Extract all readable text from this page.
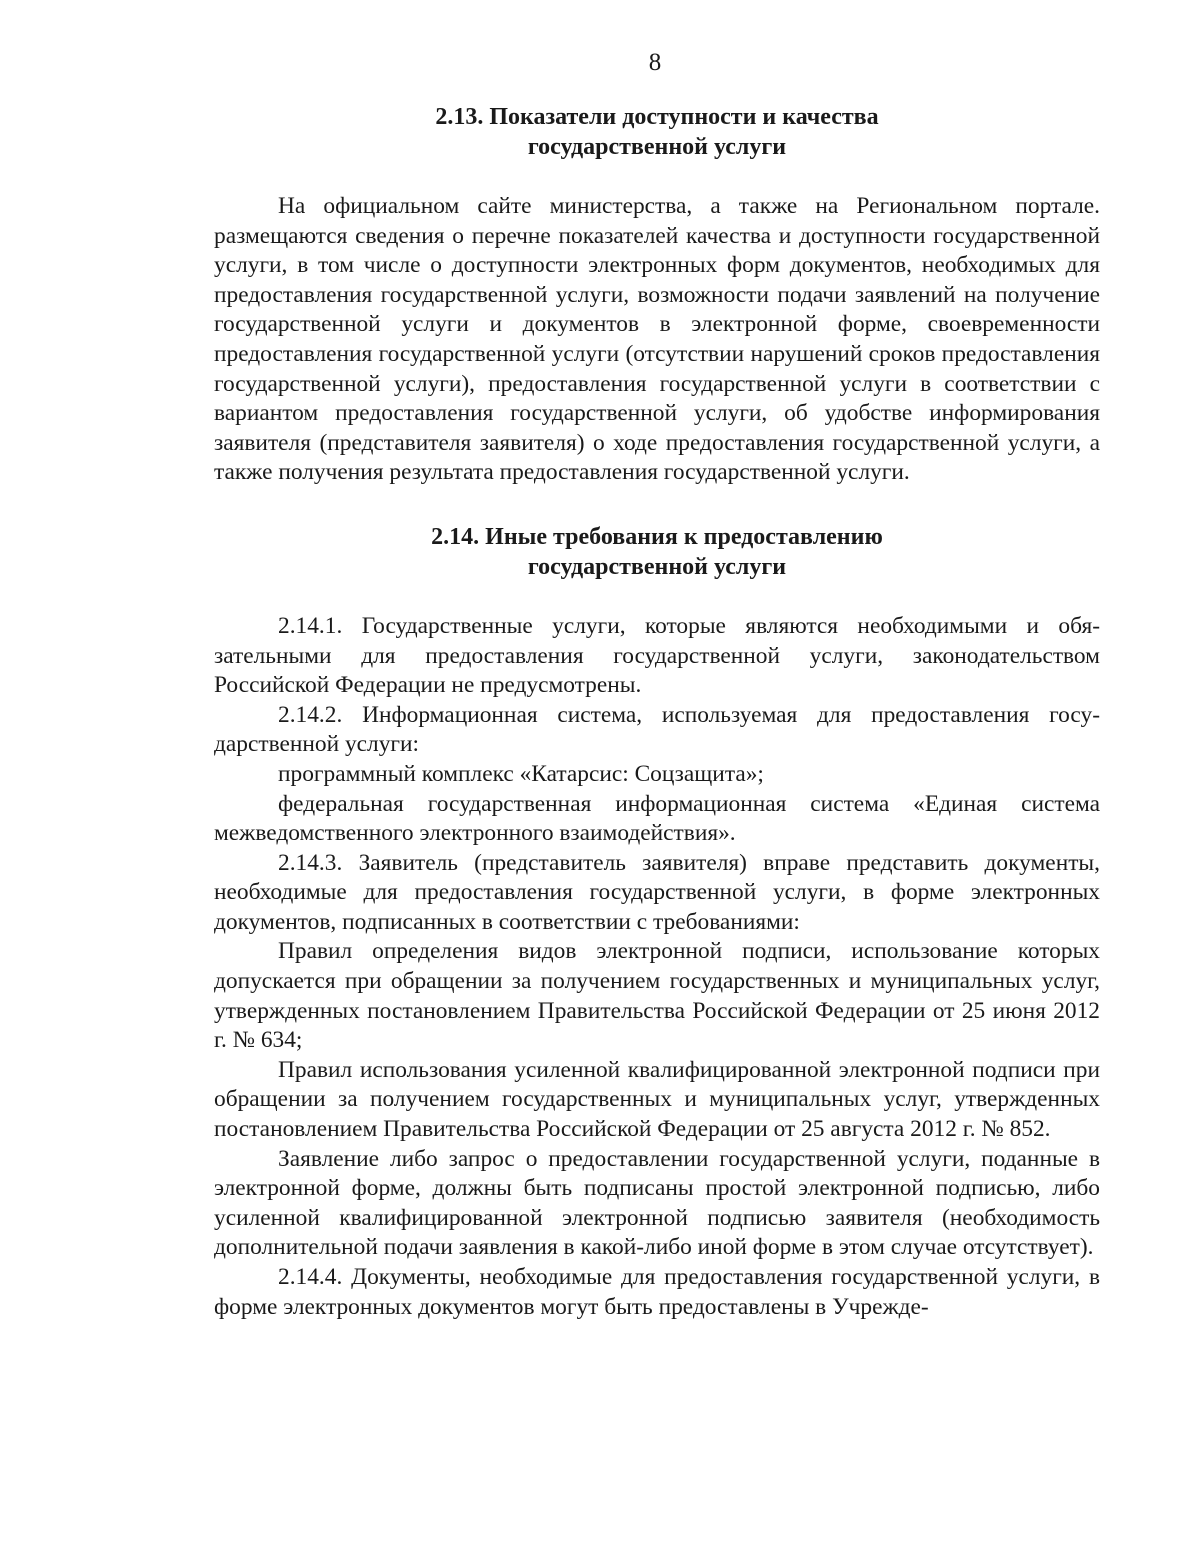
8
2.13. Показатели доступности и качества
государственной услуги

На официальном сайте министерства, а также на Региональном портале. размещаются сведения о перечне показателей качества и доступности государственной услуги, в том числе о доступности электронных форм документов, необходимых для предоставления государственной услуги, возможности подачи заявлений на получение государственной услуги и документов в электронной форме, своевременности предоставления государственной услуги (отсутствии нарушений сроков предоставления государственной услуги), предоставления государственной услуги в соответствии с вариантом предоставления государственной услуги, об удобстве информирования заявителя (представителя заявителя) о ходе предоставления государственной услуги, а также получения результата предоставления государственной услуги.

2.14. Иные требования к предоставлению
государственной услуги

2.14.1. Государственные услуги, которые являются необходимыми и обязательными для предоставления государственной услуги, законодательством Российской Федерации не предусмотрены.

2.14.2. Информационная система, используемая для предоставления государственной услуги:

программный комплекс «Катарсис: Соцзащита»;

федеральная государственная информационная система «Единая система межведомственного электронного взаимодействия».

2.14.3. Заявитель (представитель заявителя) вправе представить документы, необходимые для предоставления государственной услуги, в форме электронных документов, подписанных в соответствии с требованиями:

Правил определения видов электронной подписи, использование которых допускается при обращении за получением государственных и муниципальных услуг, утвержденных постановлением Правительства Российской Федерации от 25 июня 2012 г. № 634;

Правил использования усиленной квалифицированной электронной подписи при обращении за получением государственных и муниципальных услуг, утвержденных постановлением Правительства Российской Федерации от 25 августа 2012 г. № 852.

Заявление либо запрос о предоставлении государственной услуги, поданные в электронной форме, должны быть подписаны простой электронной подписью, либо усиленной квалифицированной электронной подписью заявителя (необходимость дополнительной подачи заявления в какой-либо иной форме в этом случае отсутствует).

2.14.4. Документы, необходимые для предоставления государственной услуги, в форме электронных документов могут быть предоставлены в Учрежде-
